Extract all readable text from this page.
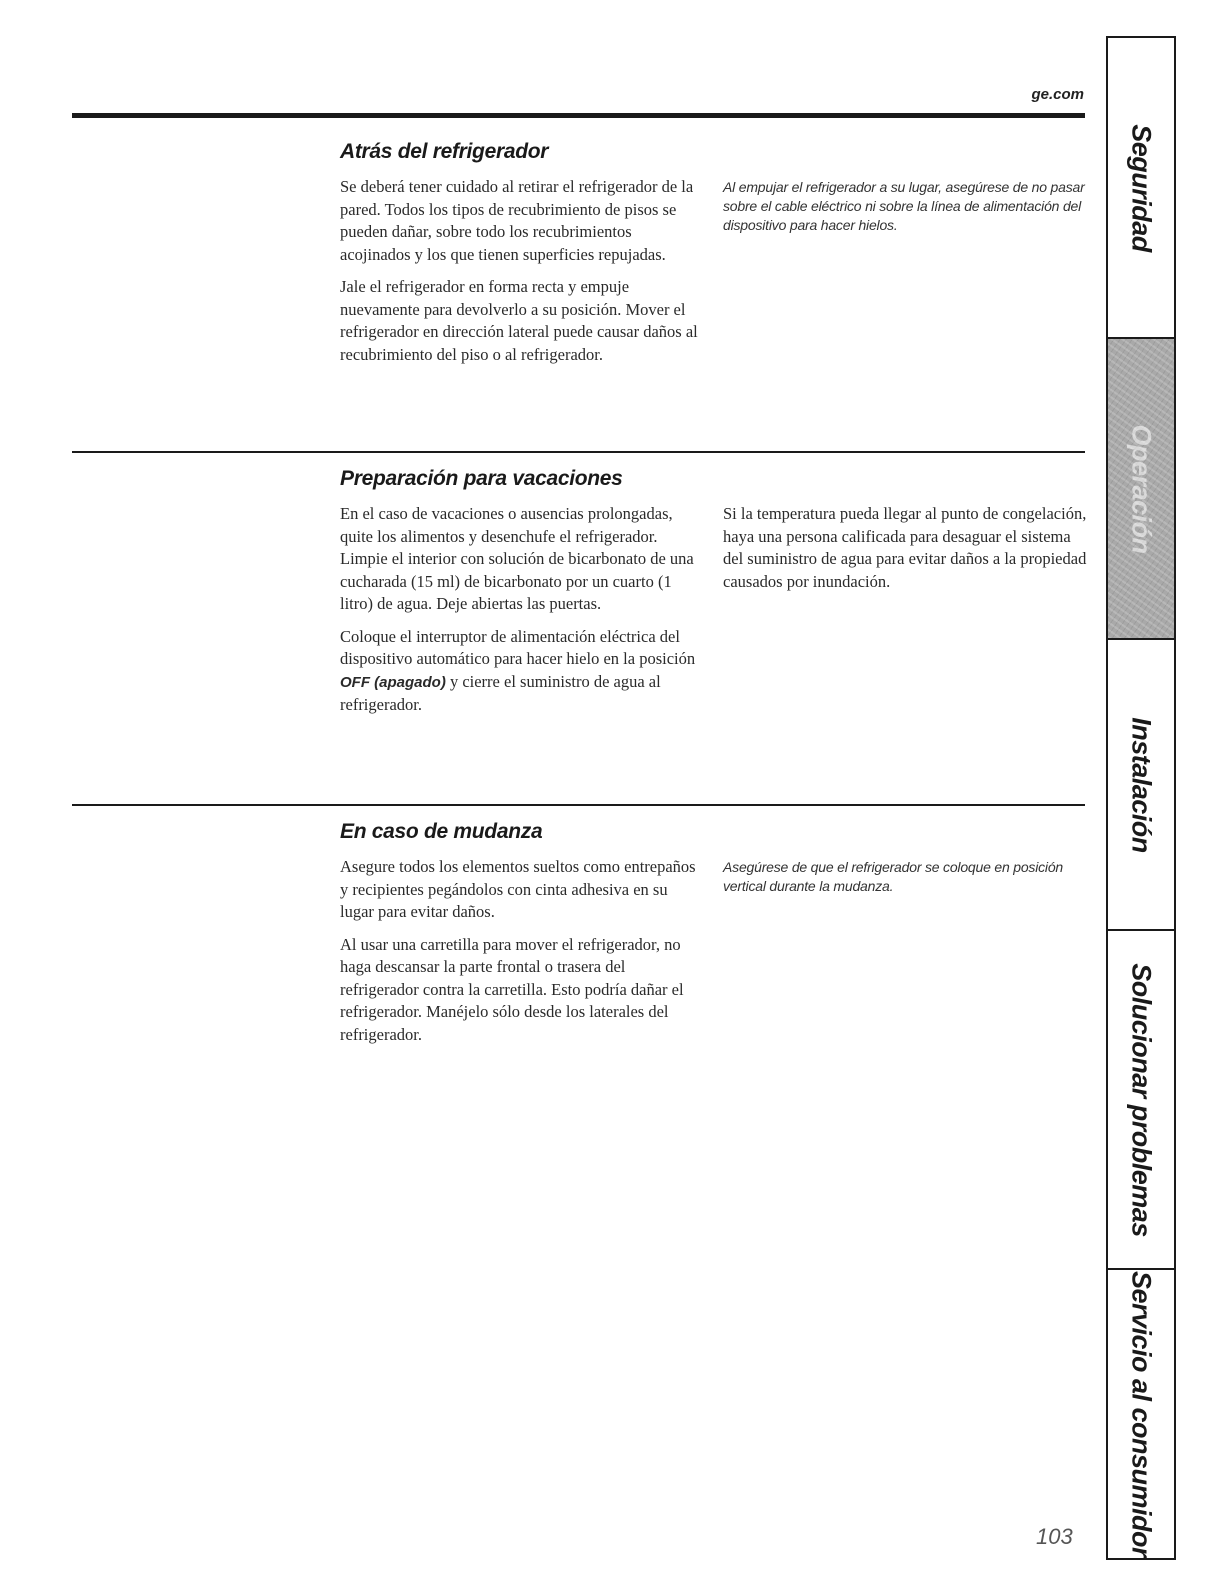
ge.com
Atrás del refrigerador

Se deberá tener cuidado al retirar el refrigerador de la pared. Todos los tipos de recubrimiento de pisos se pueden dañar, sobre todo los recubrimientos acojinados y los que tienen superficies repujadas.

Jale el refrigerador en forma recta y empuje nuevamente para devolverlo a su posición. Mover el refrigerador en dirección lateral puede causar daños al recubrimiento del piso o al refrigerador.

Al empujar el refrigerador a su lugar, asegúrese de no pasar sobre el cable eléctrico ni sobre la línea de alimentación del dispositivo para hacer hielos.

Preparación para vacaciones

En el caso de vacaciones o ausencias prolongadas, quite los alimentos y desenchufe el refrigerador. Limpie el interior con solución de bicarbonato de una cucharada (15 ml) de bicarbonato por un cuarto (1 litro) de agua. Deje abiertas las puertas.

Coloque el interruptor de alimentación eléctrica del dispositivo automático para hacer hielo en la posición OFF (apagado) y cierre el suministro de agua al refrigerador.

Si la temperatura pueda llegar al punto de congelación, haya una persona calificada para desaguar el sistema del suministro de agua para evitar daños a la propiedad causados por inundación.

En caso de mudanza

Asegure todos los elementos sueltos como entrepaños y recipientes pegándolos con cinta adhesiva en su lugar para evitar daños.

Al usar una carretilla para mover el refrigerador, no haga descansar la parte frontal o trasera del refrigerador contra la carretilla. Esto podría dañar el refrigerador. Manéjelo sólo desde los laterales del refrigerador.

Asegúrese de que el refrigerador se coloque en posición vertical durante la mudanza.

Seguridad
Operación
Instalación
Solucionar problemas
Servicio al consumidor
103
